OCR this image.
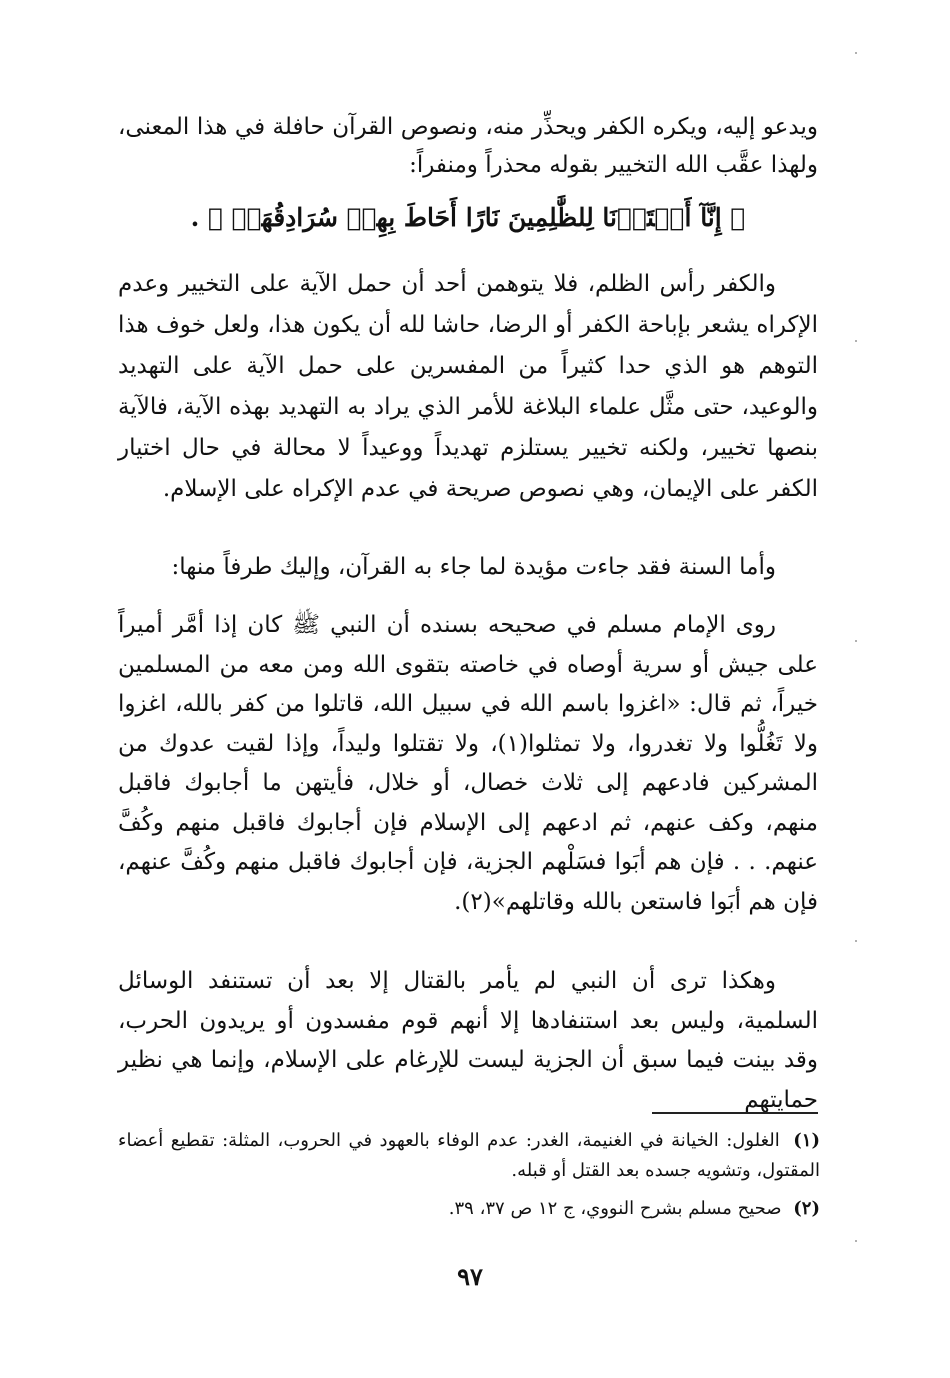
ويدعو إليه، ويكره الكفر ويحذِّر منه، ونصوص القرآن حافلة في هذا المعنى، ولهذا عقَّب الله التخيير بقوله محذراً ومنفراً:

﴿ إِنَّآ أَعۡتَدۡنَا لِلظَّٰلِمِينَ نَارًا أَحَاطَ بِهِمۡ سُرَادِقُهَاۚ ﴾ .

والكفر رأس الظلم، فلا يتوهمن أحد أن حمل الآية على التخيير وعدم الإكراه يشعر بإباحة الكفر أو الرضا، حاشا لله أن يكون هذا، ولعل خوف هذا التوهم هو الذي حدا كثيراً من المفسرين على حمل الآية على التهديد والوعيد، حتى مثَّل علماء البلاغة للأمر الذي يراد به التهديد بهذه الآية، فالآية بنصها تخيير، ولكنه تخيير يستلزم تهديداً ووعيداً لا محالة في حال اختيار الكفر على الإيمان، وهي نصوص صريحة في عدم الإكراه على الإسلام.

وأما السنة فقد جاءت مؤيدة لما جاء به القرآن، وإليك طرفاً منها:

روى الإمام مسلم في صحيحه بسنده أن النبي ﷺ كان إذا أمَّر أميراً على جيش أو سرية أوصاه في خاصته بتقوى الله ومن معه من المسلمين خيراً، ثم قال: «اغزوا باسم الله في سبيل الله، قاتلوا من كفر بالله، اغزوا ولا تَغُلُّوا ولا تغدروا، ولا تمثلوا(١)، ولا تقتلوا وليداً، وإذا لقيت عدوك من المشركين فادعهم إلى ثلاث خصال، أو خلال، فأيتهن ما أجابوك فاقبل منهم، وكف عنهم، ثم ادعهم إلى الإسلام فإن أجابوك فاقبل منهم وكُفَّ عنهم. . . فإن هم أبَوا فسَلْهم الجزية، فإن أجابوك فاقبل منهم وكُفَّ عنهم، فإن هم أبَوا فاستعن بالله وقاتلهم»(٢).

وهكذا ترى أن النبي لم يأمر بالقتال إلا بعد أن تستنفد الوسائل السلمية، وليس بعد استنفادها إلا أنهم قوم مفسدون أو يريدون الحرب، وقد بينت فيما سبق أن الجزية ليست للإرغام على الإسلام، وإنما هي نظير حمايتهم

(١) الغلول: الخيانة في الغنيمة، الغدر: عدم الوفاء بالعهود في الحروب، المثلة: تقطيع أعضاء المقتول، وتشويه جسده بعد القتل أو قبله.

(٢) صحيح مسلم بشرح النووي، ج ١٢ ص ٣٧، ٣٩.

٩٧
